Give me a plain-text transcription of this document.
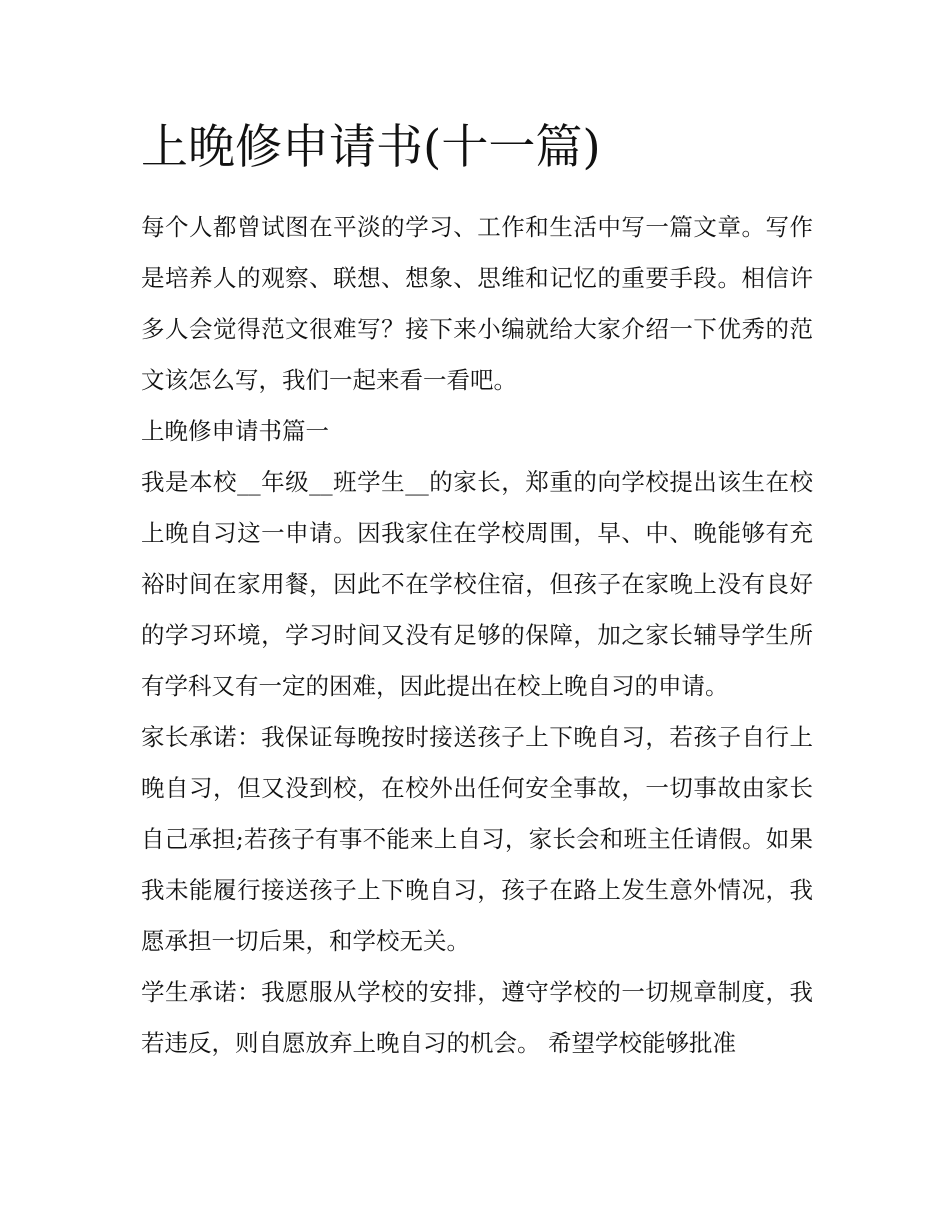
上晚修申请书(十一篇)

每个人都曾试图在平淡的学习、工作和生活中写一篇文章。写作是培养人的观察、联想、想象、思维和记忆的重要手段。相信许多人会觉得范文很难写？接下来小编就给大家介绍一下优秀的范文该怎么写，我们一起来看一看吧。

上晚修申请书篇一

我是本校__年级__班学生__的家长，郑重的向学校提出该生在校上晚自习这一申请。因我家住在学校周围，早、中、晚能够有充裕时间在家用餐，因此不在学校住宿，但孩子在家晚上没有良好的学习环境，学习时间又没有足够的保障，加之家长辅导学生所有学科又有一定的困难，因此提出在校上晚自习的申请。

家长承诺：我保证每晚按时接送孩子上下晚自习，若孩子自行上晚自习，但又没到校，在校外出任何安全事故，一切事故由家长自己承担;若孩子有事不能来上自习，家长会和班主任请假。如果我未能履行接送孩子上下晚自习，孩子在路上发生意外情况，我愿承担一切后果，和学校无关。

学生承诺：我愿服从学校的安排，遵守学校的一切规章制度，我若违反，则自愿放弃上晚自习的机会。 希望学校能够批准
